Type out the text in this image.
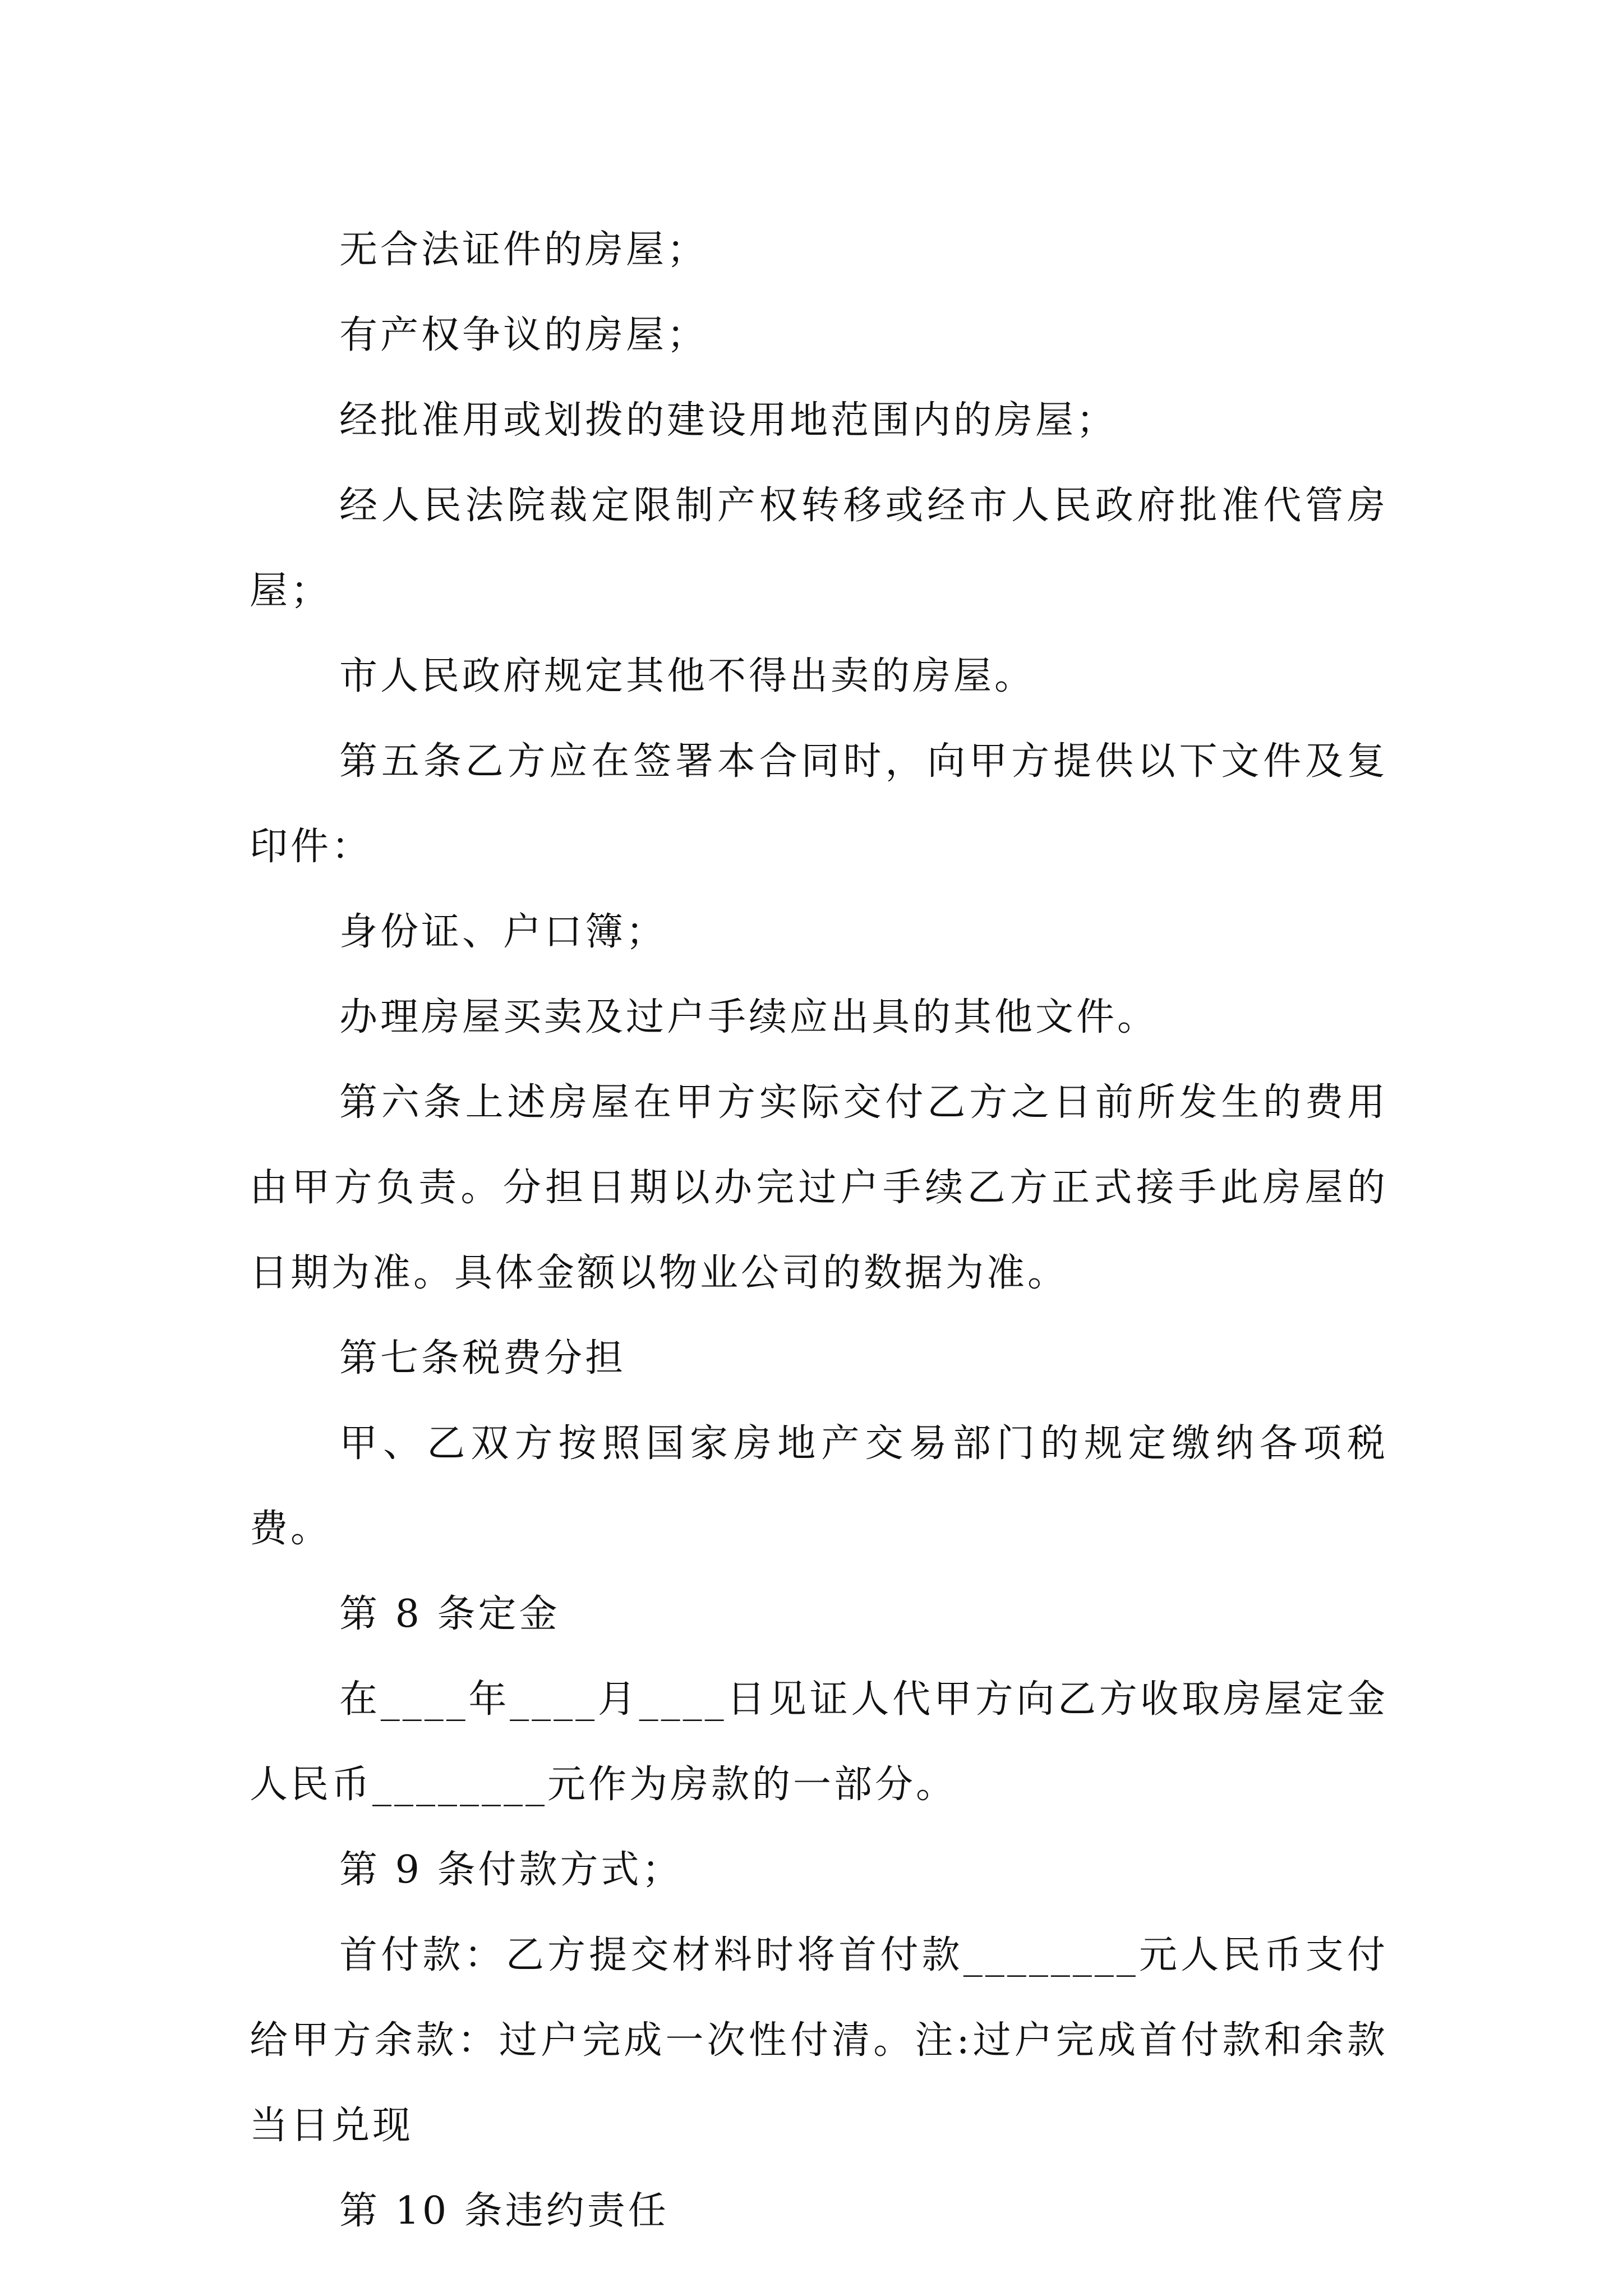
无合法证件的房屋；

有产权争议的房屋；

经批准用或划拨的建设用地范围内的房屋；

经人民法院裁定限制产权转移或经市人民政府批准代管房屋；

市人民政府规定其他不得出卖的房屋。

第五条乙方应在签署本合同时，向甲方提供以下文件及复印件：

身份证、户口簿；

办理房屋买卖及过户手续应出具的其他文件。

第六条上述房屋在甲方实际交付乙方之日前所发生的费用由甲方负责。分担日期以办完过户手续乙方正式接手此房屋的日期为准。具体金额以物业公司的数据为准。

第七条税费分担

甲、乙双方按照国家房地产交易部门的规定缴纳各项税费。

第 8 条定金

在____年____月____日见证人代甲方向乙方收取房屋定金人民币________元作为房款的一部分。

第 9 条付款方式；

首付款：乙方提交材料时将首付款________元人民币支付给甲方余款：过户完成一次性付清。注:过户完成首付款和余款当日兑现

第 10 条违约责任
